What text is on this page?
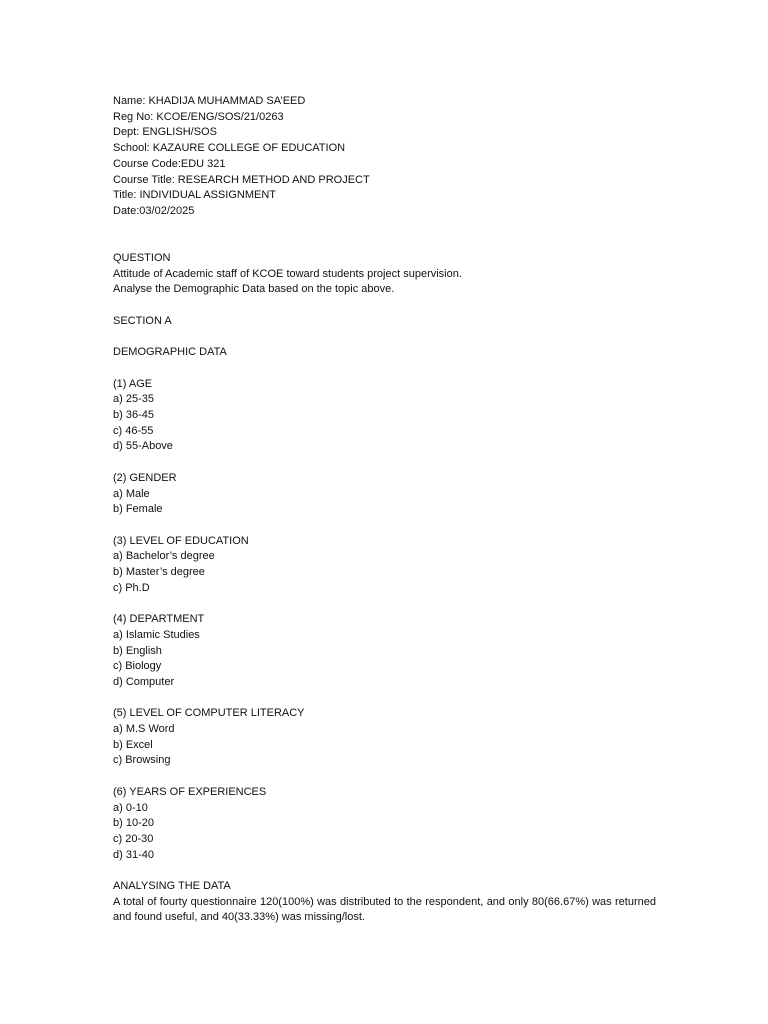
Name: KHADIJA MUHAMMAD SA’EED
Reg No: KCOE/ENG/SOS/21/0263
Dept: ENGLISH/SOS
School: KAZAURE COLLEGE OF EDUCATION
Course Code:EDU 321
Course Title: RESEARCH METHOD AND PROJECT
Title: INDIVIDUAL ASSIGNMENT
Date:03/02/2025
QUESTION
Attitude of Academic staff of KCOE toward students project supervision.
Analyse the Demographic Data based on the topic above.
SECTION A
DEMOGRAPHIC DATA
(1) AGE
a) 25-35
b) 36-45
c) 46-55
d) 55-Above
(2) GENDER
a) Male
b) Female
(3) LEVEL OF EDUCATION
a) Bachelor’s degree
b) Master’s degree
c) Ph.D
(4) DEPARTMENT
a) Islamic Studies
b) English
c) Biology
d) Computer
(5) LEVEL OF COMPUTER LITERACY
a) M.S Word
b) Excel
c) Browsing
(6) YEARS OF EXPERIENCES
a) 0-10
b) 10-20
c) 20-30
d) 31-40
ANALYSING THE DATA
A total of fourty questionnaire 120(100%) was distributed to the respondent, and only 80(66.67%) was returned and found useful, and 40(33.33%) was missing/lost.
